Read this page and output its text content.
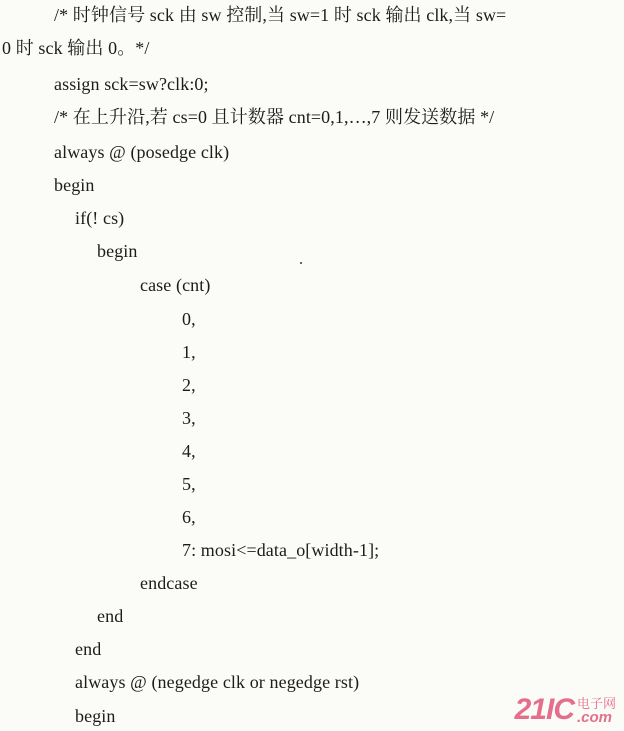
/* 时钟信号 sck 由 sw 控制,当 sw=1 时 sck 输出 clk,当 sw=
0 时 sck 输出 0。*/
assign sck=sw?clk:0;
/* 在上升沿,若 cs=0 且计数器 cnt=0,1,…,7 则发送数据 */
always @ (posedge clk)
begin
if(! cs)
begin
case (cnt)
0,
1,
2,
3,
4,
5,
6,
7: mosi<=data_o[width-1];
endcase
end
end
always @ (negedge clk or negedge rst)
begin	21IC 电子网
.com
